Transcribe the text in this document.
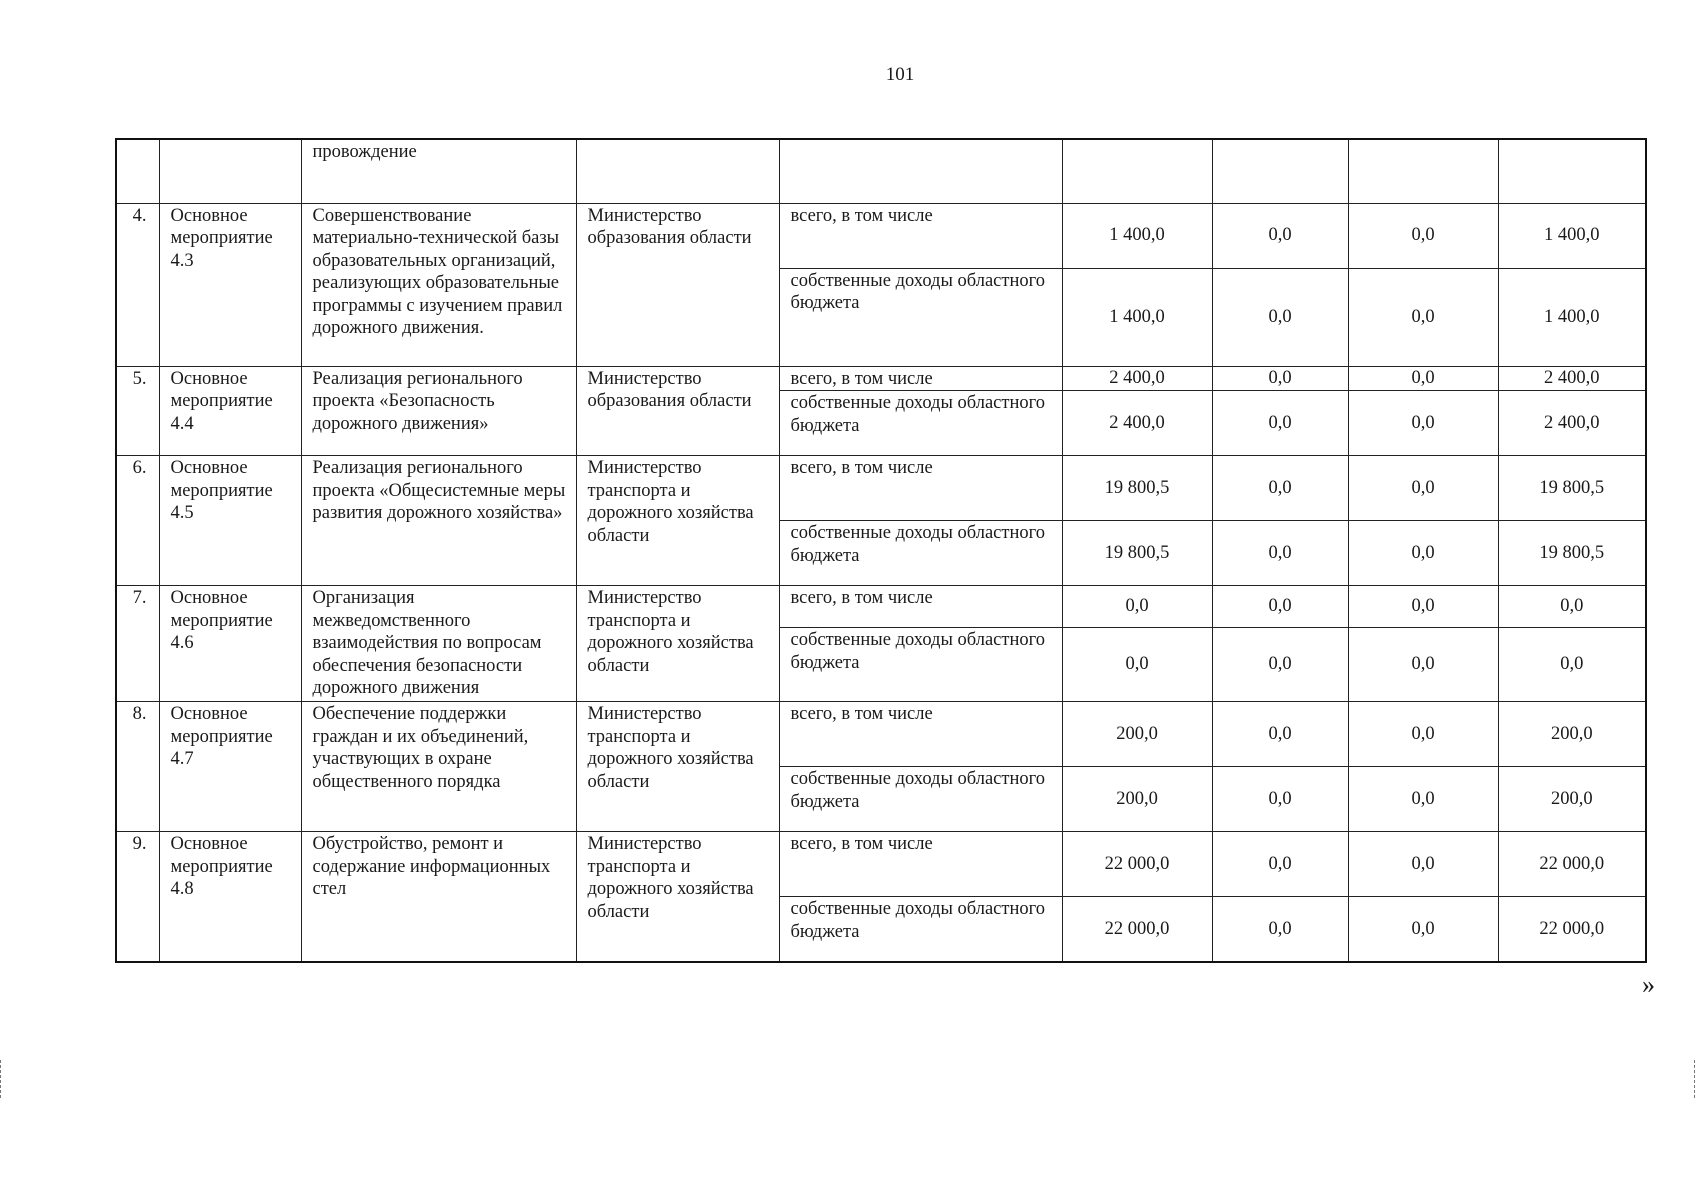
101
		провождение						
4.	Основное мероприятие 4.3	Совершенствование материально-технической базы образовательных организаций, реализующих образовательные программы с изучением правил дорожного движения.	Министерство образования области	всего, в том числе	1 400,0	0,0	0,0	1 400,0
				собственные доходы областного бюджета	1 400,0	0,0	0,0	1 400,0
5.	Основное мероприятие 4.4	Реализация регионального проекта «Безопасность дорожного движения»	Министерство образования области	всего, в том числе	2 400,0	0,0	0,0	2 400,0
				собственные доходы областного бюджета	2 400,0	0,0	0,0	2 400,0
6.	Основное мероприятие 4.5	Реализация регионального проекта «Общесистемные меры развития дорожного хозяйства»	Министерство транспорта и дорожного хозяйства области	всего, в том числе	19 800,5	0,0	0,0	19 800,5
				собственные доходы областного бюджета	19 800,5	0,0	0,0	19 800,5
7.	Основное мероприятие 4.6	Организация межведомственного взаимодействия по вопросам обеспечения безопасности дорожного движения	Министерство транспорта и дорожного хозяйства области	всего, в том числе	0,0	0,0	0,0	0,0
				собственные доходы областного бюджета	0,0	0,0	0,0	0,0
8.	Основное мероприятие 4.7	Обеспечение поддержки граждан и их объединений, участвующих в охране общественного порядка	Министерство транспорта и дорожного хозяйства области	всего, в том числе	200,0	0,0	0,0	200,0
				собственные доходы областного бюджета	200,0	0,0	0,0	200,0
9.	Основное мероприятие 4.8	Обустройство, ремонт и содержание информационных стел	Министерство транспорта и дорожного хозяйства области	всего, в том числе	22 000,0	0,0	0,0	22 000,0
				собственные доходы областного бюджета	22 000,0	0,0	0,0	22 000,0
»
